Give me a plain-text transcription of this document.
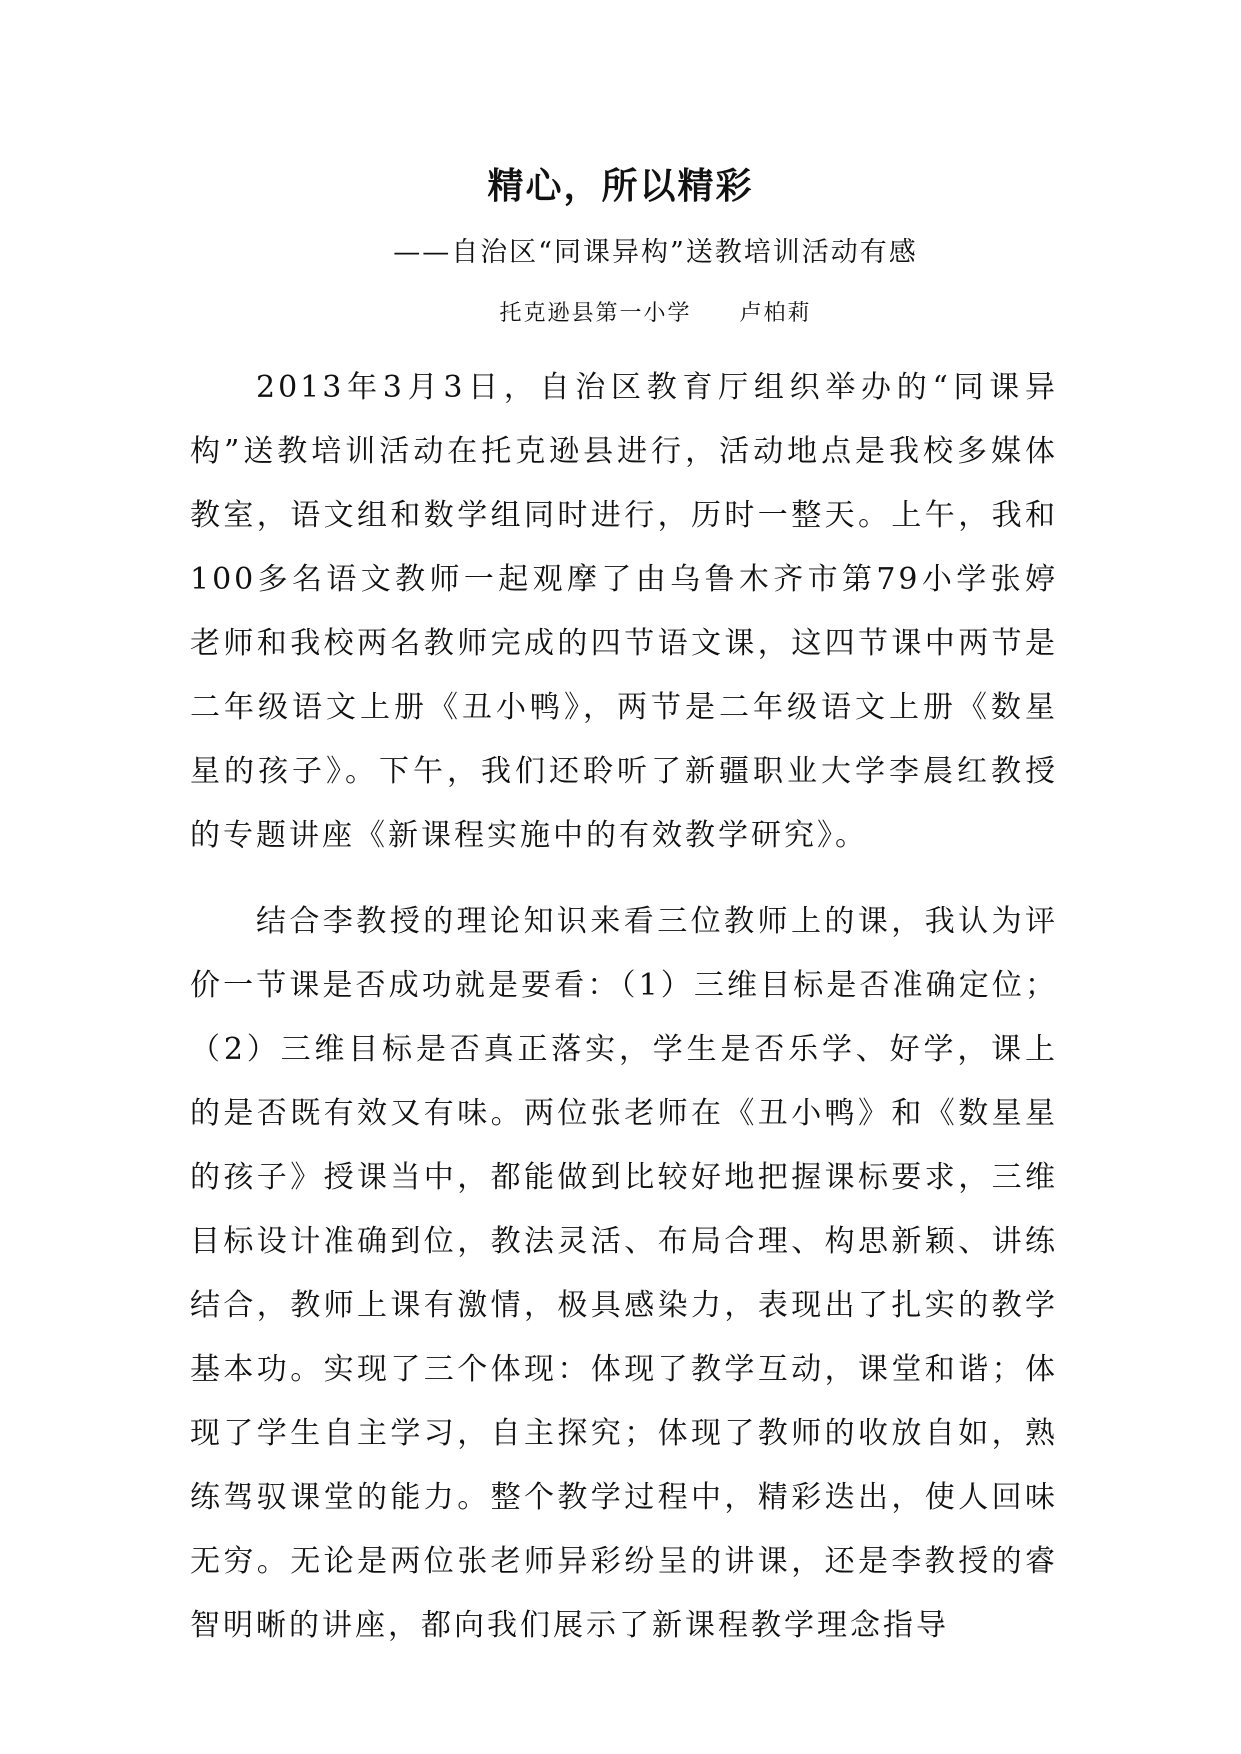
精心，所以精彩
——自治区“同课异构”送教培训活动有感
托克逊县第一小学 卢柏莉

2013年3月3日，自治区教育厅组织举办的“同课异构”送教培训活动在托克逊县进行，活动地点是我校多媒体教室，语文组和数学组同时进行，历时一整天。上午，我和100多名语文教师一起观摩了由乌鲁木齐市第79小学张婷老师和我校两名教师完成的四节语文课，这四节课中两节是二年级语文上册《丑小鸭》，两节是二年级语文上册《数星星的孩子》。下午，我们还聆听了新疆职业大学李晨红教授的专题讲座《新课程实施中的有效教学研究》。

结合李教授的理论知识来看三位教师上的课，我认为评价一节课是否成功就是要看：（1）三维目标是否准确定位；（2）三维目标是否真正落实，学生是否乐学、好学，课上的是否既有效又有味。两位张老师在《丑小鸭》和《数星星的孩子》授课当中，都能做到比较好地把握课标要求，三维目标设计准确到位，教法灵活、布局合理、构思新颖、讲练结合，教师上课有激情，极具感染力，表现出了扎实的教学基本功。实现了三个体现：体现了教学互动，课堂和谐；体现了学生自主学习，自主探究；体现了教师的收放自如，熟练驾驭课堂的能力。整个教学过程中，精彩迭出，使人回味无穷。无论是两位张老师异彩纷呈的讲课，还是李教授的睿智明晰的讲座，都向我们展示了新课程教学理念指导
